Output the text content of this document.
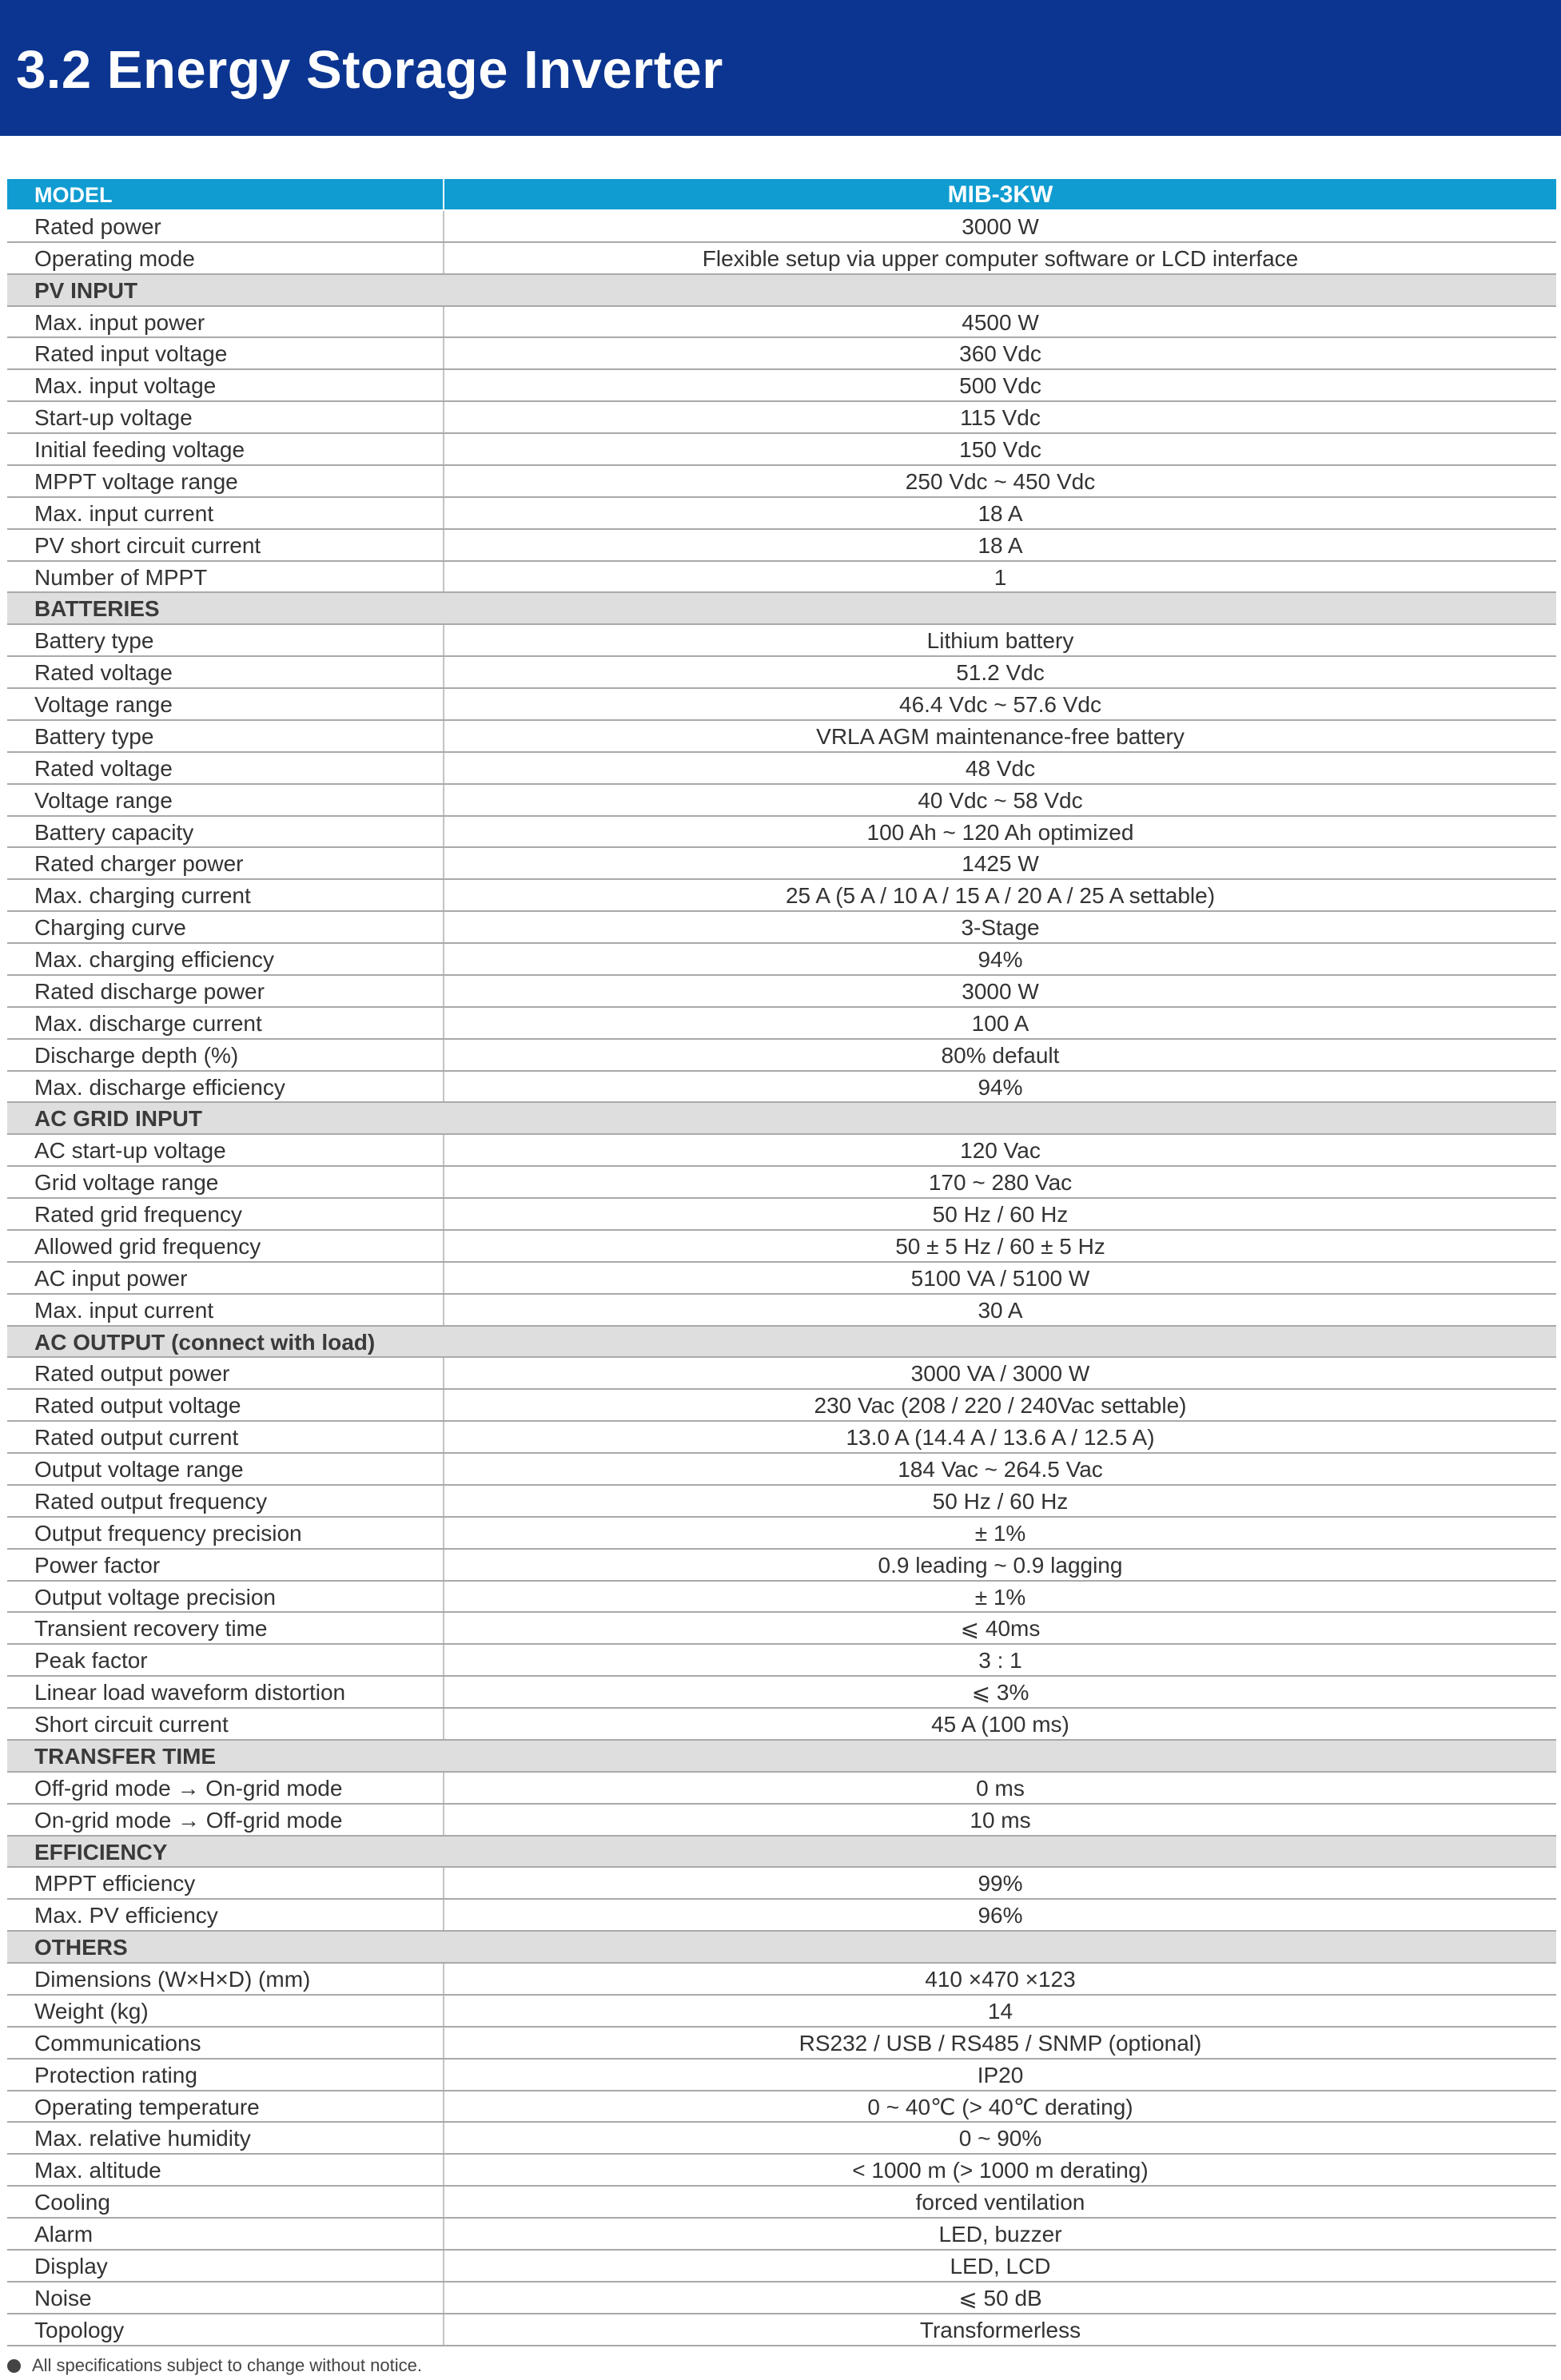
3.2 Energy Storage Inverter
MODEL	MIB-3KW
Rated power	3000 W
Operating mode	Flexible setup via upper computer software or LCD interface
PV INPUT
Max. input power	4500 W
Rated input voltage	360 Vdc
Max. input voltage	500 Vdc
Start-up voltage	115 Vdc
Initial feeding voltage	150 Vdc
MPPT voltage range	250 Vdc ~ 450 Vdc
Max. input current	18 A
PV short circuit current	18 A
Number of MPPT	1
BATTERIES
Battery type	Lithium battery
Rated voltage	51.2 Vdc
Voltage range	46.4 Vdc ~ 57.6 Vdc
Battery type	VRLA AGM maintenance-free battery
Rated voltage	48 Vdc
Voltage range	40 Vdc ~ 58 Vdc
Battery capacity	100 Ah ~ 120 Ah optimized
Rated charger power	1425 W
Max. charging current	25 A (5 A / 10 A / 15 A / 20 A / 25 A settable)
Charging curve	3-Stage
Max. charging efficiency	94%
Rated discharge power	3000 W
Max. discharge current	100 A
Discharge depth (%)	80% default
Max. discharge efficiency	94%
AC GRID INPUT
AC start-up voltage	120 Vac
Grid voltage range	170 ~ 280 Vac
Rated grid frequency	50 Hz / 60 Hz
Allowed grid frequency	50 ± 5 Hz / 60 ± 5 Hz
AC input power	5100 VA / 5100 W
Max. input current	30 A
AC OUTPUT (connect with load)
Rated output power	3000 VA / 3000 W
Rated output voltage	230 Vac (208 / 220 / 240Vac settable)
Rated output current	13.0 A (14.4 A / 13.6 A / 12.5 A)
Output voltage range	184 Vac ~ 264.5 Vac
Rated output frequency	50 Hz / 60 Hz
Output frequency precision	± 1%
Power factor	0.9 leading ~ 0.9 lagging
Output voltage precision	± 1%
Transient recovery time	⩽ 40ms
Peak factor	3 : 1
Linear load waveform distortion	⩽ 3%
Short circuit current	45 A (100 ms)
TRANSFER TIME
Off-grid mode → On-grid mode	0 ms
On-grid mode → Off-grid mode	10 ms
EFFICIENCY
MPPT efficiency	99%
Max. PV efficiency	96%
OTHERS
Dimensions (W×H×D) (mm)	410 ×470 ×123
Weight (kg)	14
Communications	RS232 / USB / RS485 / SNMP (optional)
Protection rating	IP20
Operating temperature	0 ~ 40℃ (> 40℃ derating)
Max. relative humidity	0 ~ 90%
Max. altitude	< 1000 m (> 1000 m derating)
Cooling	forced ventilation
Alarm	LED, buzzer
Display	LED, LCD
Noise	⩽ 50 dB
Topology	Transformerless
All specifications subject to change without notice.
